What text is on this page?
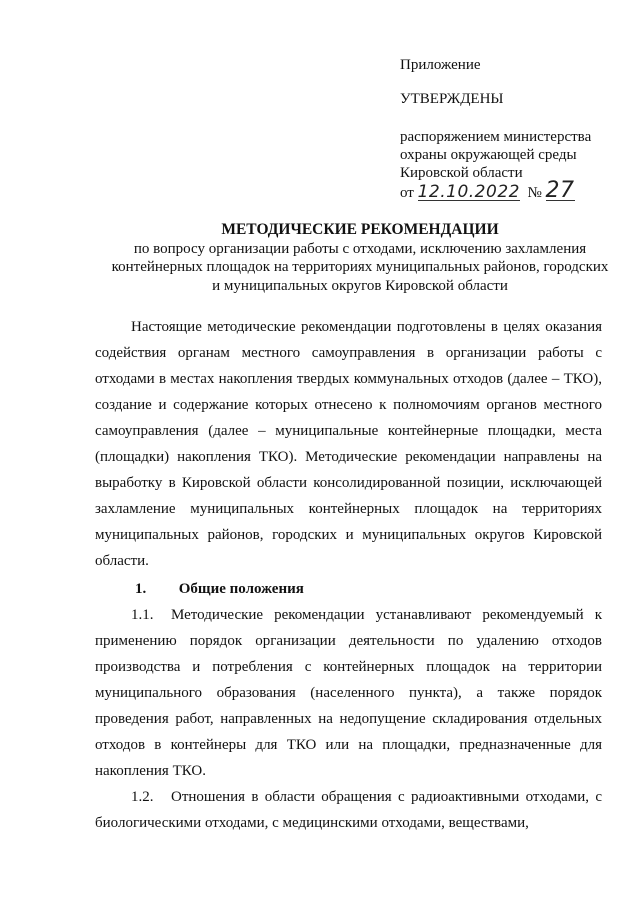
Приложение
УТВЕРЖДЕНЫ
распоряжением министерства
охраны окружающей среды
Кировской области
от 12.10.2022 № 27
МЕТОДИЧЕСКИЕ РЕКОМЕНДАЦИИ
по вопросу организации работы с отходами, исключению захламления
контейнерных площадок на территориях муниципальных районов, городских
и муниципальных округов Кировской области
Настоящие методические рекомендации подготовлены в целях оказания содействия органам местного самоуправления в организации работы с отходами в местах накопления твердых коммунальных отходов (далее – ТКО), создание и содержание которых отнесено к полномочиям органов местного самоуправления (далее – муниципальные контейнерные площадки, места (площадки) накопления ТКО). Методические рекомендации направлены на выработку в Кировской области консолидированной позиции, исключающей захламление муниципальных контейнерных площадок на территориях муниципальных районов, городских и муниципальных округов Кировской области.
1. Общие положения
1.1. Методические рекомендации устанавливают рекомендуемый к применению порядок организации деятельности по удалению отходов производства и потребления с контейнерных площадок на территории муниципального образования (населенного пункта), а также порядок проведения работ, направленных на недопущение складирования отдельных отходов в контейнеры для ТКО или на площадки, предназначенные для накопления ТКО.
1.2. Отношения в области обращения с радиоактивными отходами, с биологическими отходами, с медицинскими отходами, веществами,
